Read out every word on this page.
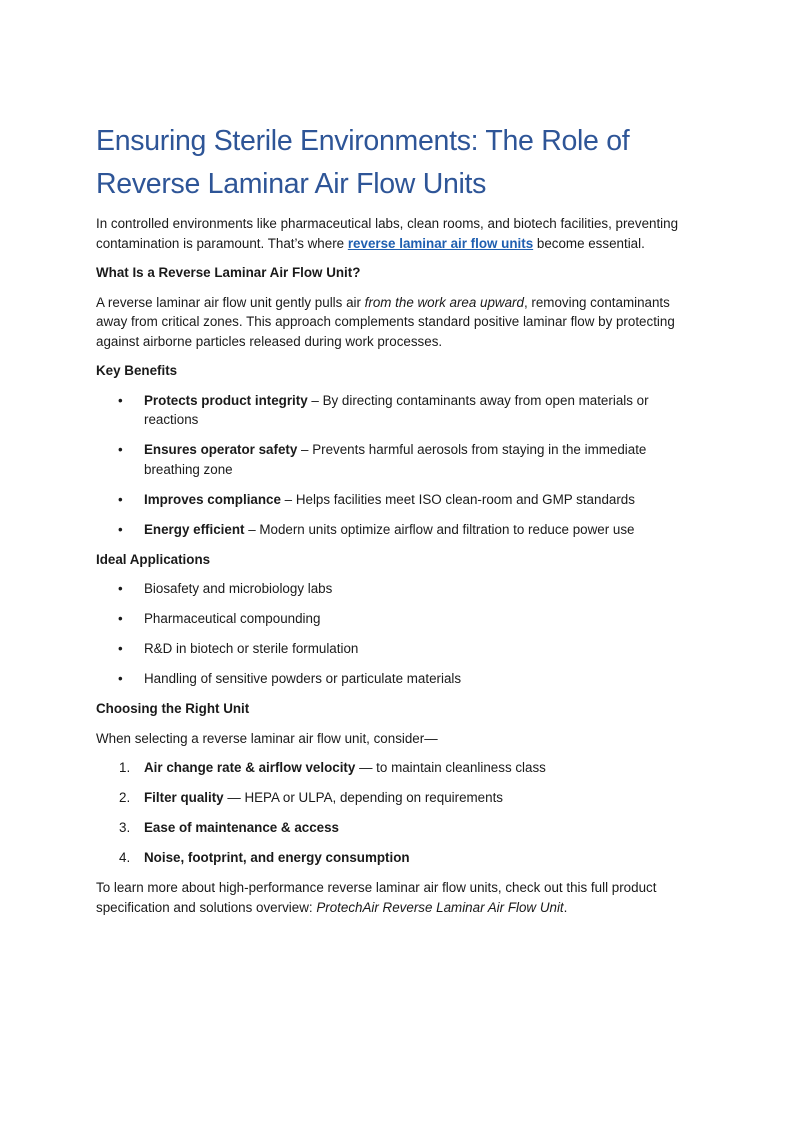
Ensuring Sterile Environments: The Role of Reverse Laminar Air Flow Units

In controlled environments like pharmaceutical labs, clean rooms, and biotech facilities, preventing contamination is paramount. That’s where reverse laminar air flow units become essential.

What Is a Reverse Laminar Air Flow Unit?

A reverse laminar air flow unit gently pulls air from the work area upward, removing contaminants away from critical zones. This approach complements standard positive laminar flow by protecting against airborne particles released during work processes.

Key Benefits
• Protects product integrity – By directing contaminants away from open materials or reactions
• Ensures operator safety – Prevents harmful aerosols from staying in the immediate breathing zone
• Improves compliance – Helps facilities meet ISO clean-room and GMP standards
• Energy efficient – Modern units optimize airflow and filtration to reduce power use
Ideal Applications
• Biosafety and microbiology labs
• Pharmaceutical compounding
• R&D in biotech or sterile formulation
• Handling of sensitive powders or particulate materials
Choosing the Right Unit

When selecting a reverse laminar air flow unit, consider—

1. Air change rate & airflow velocity — to maintain cleanliness class
2. Filter quality — HEPA or ULPA, depending on requirements
3. Ease of maintenance & access
4. Noise, footprint, and energy consumption

To learn more about high-performance reverse laminar air flow units, check out this full product specification and solutions overview: ProtechAir Reverse Laminar Air Flow Unit.
